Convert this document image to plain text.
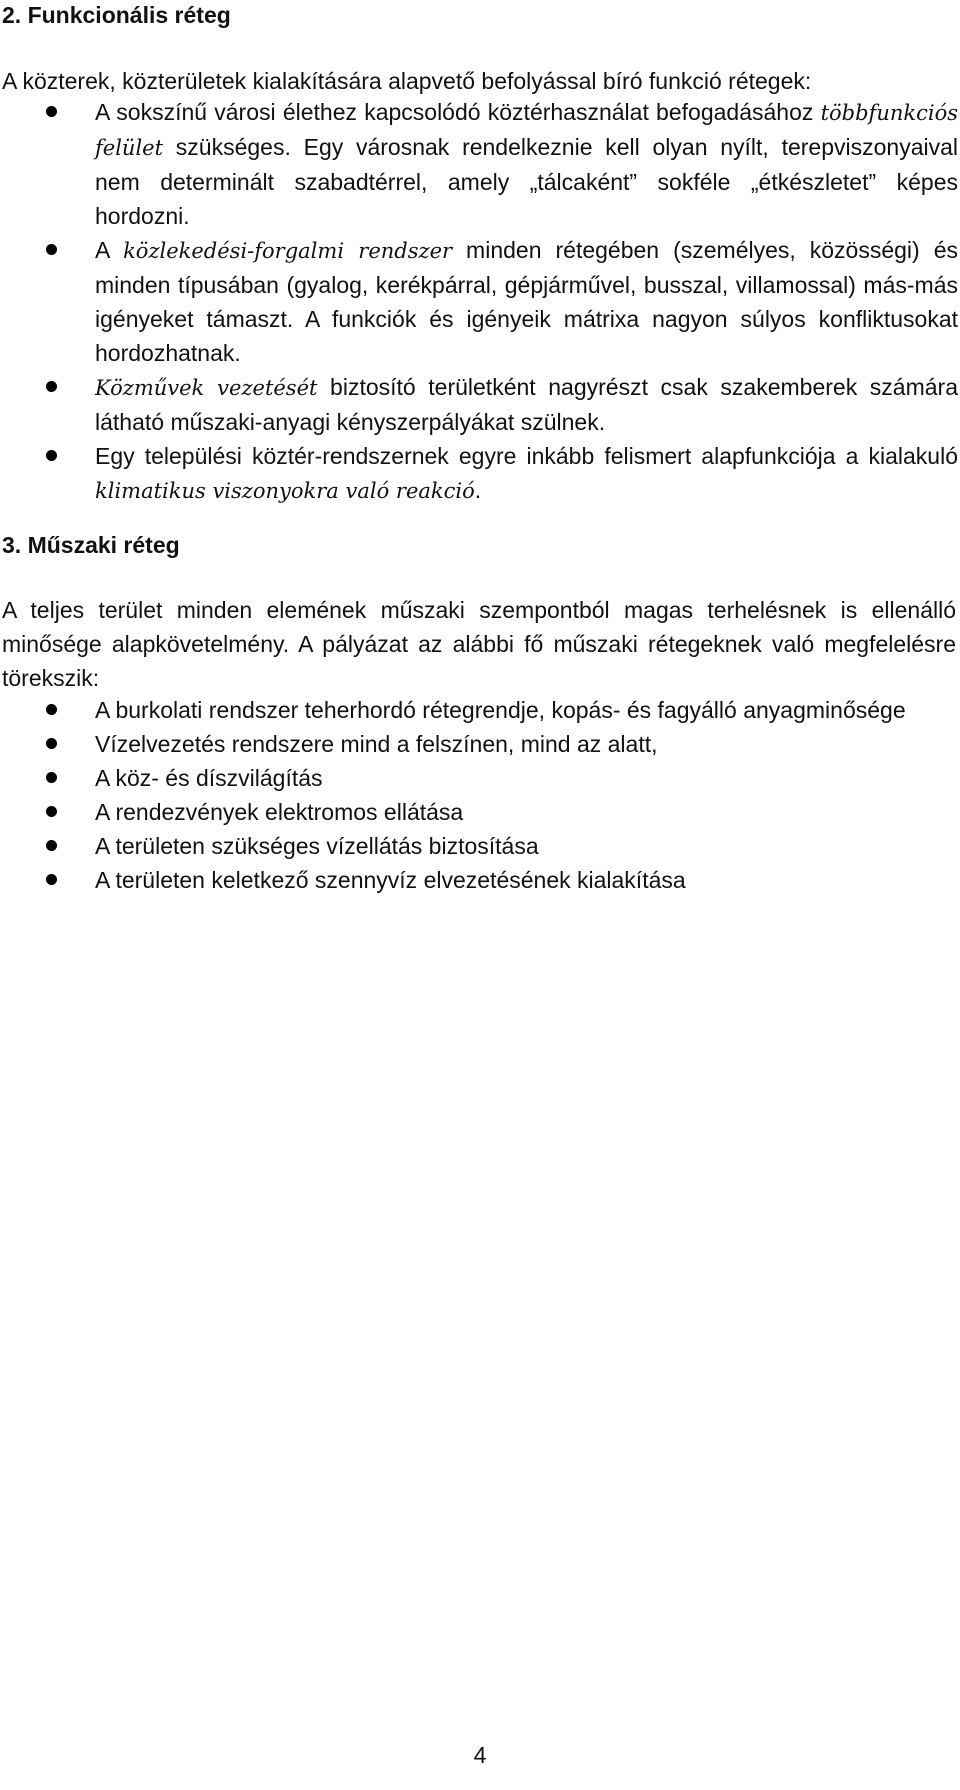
2. Funkcionális réteg
A közterek, közterületek kialakítására alapvető befolyással bíró funkció rétegek:
A sokszínű városi élethez kapcsolódó köztérhasználat befogadásához többfunkciós felület szükséges. Egy városnak rendelkeznie kell olyan nyílt, terepviszonyaival nem determinált szabadtérrel, amely „tálcaként” sokféle „étkészletet” képes hordozni.
A közlekedési-forgalmi rendszer minden rétegében (személyes, közösségi) és minden típusában (gyalog, kerékpárral, gépjárművel, busszal, villamossal) más-más igényeket támaszt. A funkciók és igényeik mátrixa nagyon súlyos konfliktusokat hordozhatnak.
Közművek vezetését biztosító területként nagyrészt csak szakemberek számára látható műszaki-anyagi kényszerpályákat szülnek.
Egy települési köztér-rendszernek egyre inkább felismert alapfunkciója a kialakuló klimatikus viszonyokra való reakció.
3. Műszaki réteg
A teljes terület minden elemének műszaki szempontból magas terhelésnek is ellenálló minősége alapkövetelmény. A pályázat az alábbi fő műszaki rétegeknek való megfelelésre törekszik:
A burkolati rendszer teherhordó rétegrendje, kopás- és fagyálló anyagminősége
Vízelvezetés rendszere mind a felszínen, mind az alatt,
A köz- és díszvilágítás
A rendezvények elektromos ellátása
A területen szükséges vízellátás biztosítása
A területen keletkező szennyvíz elvezetésének kialakítása
4
